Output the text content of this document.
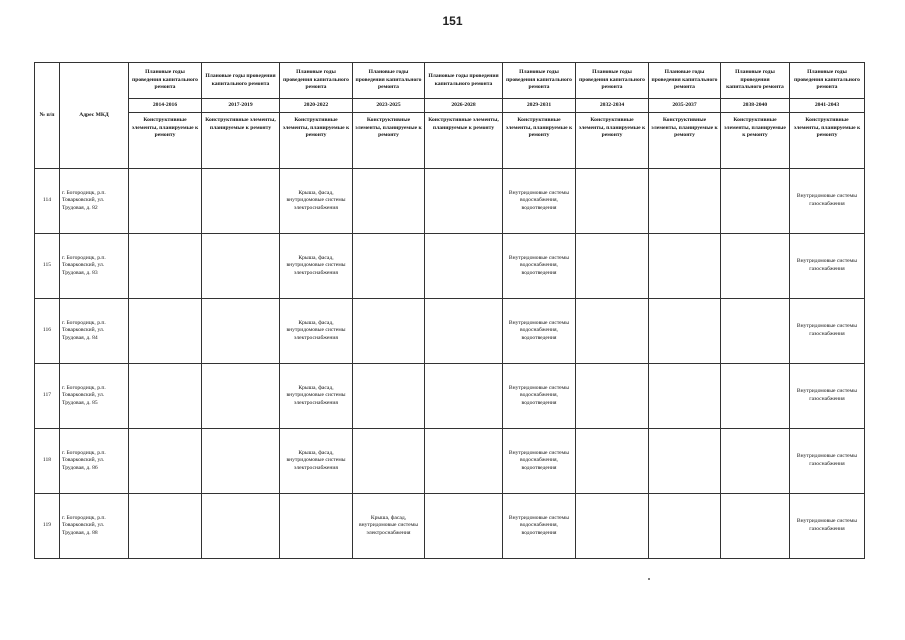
151
№ п/п	Адрес МКД	Плановые годы проведения капитального ремонта	Плановые годы проведения капитального ремонта	Плановые годы проведения капитального ремонта	Плановые годы проведения капитального ремонта	Плановые годы проведения капитального ремонта	Плановые годы проведения капитального ремонта	Плановые годы проведения капитального ремонта	Плановые годы проведения капитального ремонта	Плановые годы проведения капитального ремонта	Плановые годы проведения капитального ремонта
		2014-2016	2017-2019	2020-2022	2023-2025	2026-2028	2029-2031	2032-2034	2035-2037	2038-2040	2041-2043
		Конструктивные элементы, планируемые к ремонту	Конструктивные элементы, планируемые к ремонту	Конструктивные элементы, планируемые к ремонту	Конструктивные элементы, планируемые к ремонту	Конструктивные элементы, планируемые к ремонту	Конструктивные элементы, планируемые к ремонту	Конструктивные элементы, планируемые к ремонту	Конструктивные элементы, планируемые к ремонту	Конструктивные элементы, планируемые к ремонту	Конструктивные элементы, планируемые к ремонту
114	г. Богородицк, р.п. Товарковский, ул. Трудовая, д. 82			Крыша, фасад, внутридомовые системы электроснабжения			Внутридомовые системы водоснабжения, водоотведения				Внутридомовые системы газоснабжения
115	г. Богородицк, р.п. Товарковский, ул. Трудовая, д. 83			Крыша, фасад, внутридомовые системы электроснабжения			Внутридомовые системы водоснабжения, водоотведения				Внутридомовые системы газоснабжения
116	г. Богородицк, р.п. Товарковский, ул. Трудовая, д. 84			Крыша, фасад, внутридомовые системы электроснабжения			Внутридомовые системы водоснабжения, водоотведения				Внутридомовые системы газоснабжения
117	г. Богородицк, р.п. Товарковский, ул. Трудовая, д. 85			Крыша, фасад, внутридомовые системы электроснабжения			Внутридомовые системы водоснабжения, водоотведения				Внутридомовые системы газоснабжения
118	г. Богородицк, р.п. Товарковский, ул. Трудовая, д. 86			Крыша, фасад, внутридомовые системы электроснабжения			Внутридомовые системы водоснабжения, водоотведения				Внутридомовые системы газоснабжения
119	г. Богородицк, р.п. Товарковский, ул. Трудовая, д. 88				Крыша, фасад, внутридомовые системы электроснабжения		Внутридомовые системы водоснабжения, водоотведения				Внутридомовые системы газоснабжения
